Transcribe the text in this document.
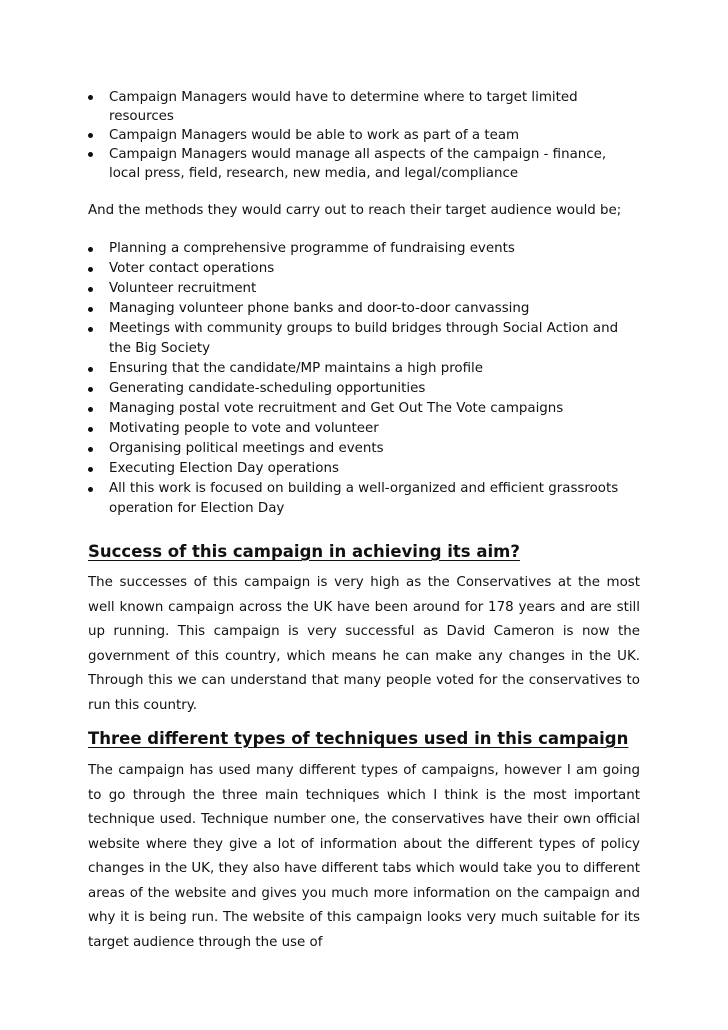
Campaign Managers would have to determine where to target limited resources
Campaign Managers would be able to work as part of a team
Campaign Managers would manage all aspects of the campaign - finance, local press, field, research, new media, and legal/compliance

And the methods they would carry out to reach their target audience would be;

Planning a comprehensive programme of fundraising events
Voter contact operations
Volunteer recruitment
Managing volunteer phone banks and door-to-door canvassing
Meetings with community groups to build bridges through Social Action and the Big Society
Ensuring that the candidate/MP maintains a high profile
Generating candidate-scheduling opportunities
Managing postal vote recruitment and Get Out The Vote campaigns
Motivating people to vote and volunteer
Organising political meetings and events
Executing Election Day operations
All this work is focused on building a well-organized and efficient grassroots operation for Election Day
Success of this campaign in achieving its aim?

The successes of this campaign is very high as the Conservatives at the most well known campaign across the UK have been around for 178 years and are still up running. This campaign is very successful as David Cameron is now the government of this country, which means he can make any changes in the UK. Through this we can understand that many people voted for the conservatives to run this country.

Three different types of techniques used in this campaign

The campaign has used many different types of campaigns, however I am going to go through the three main techniques which I think is the most important technique used. Technique number one, the conservatives have their own official website where they give a lot of information about the different types of policy changes in the UK, they also have different tabs which would take you to different areas of the website and gives you much more information on the campaign and why it is being run. The website of this campaign looks very much suitable for its target audience through the use of
